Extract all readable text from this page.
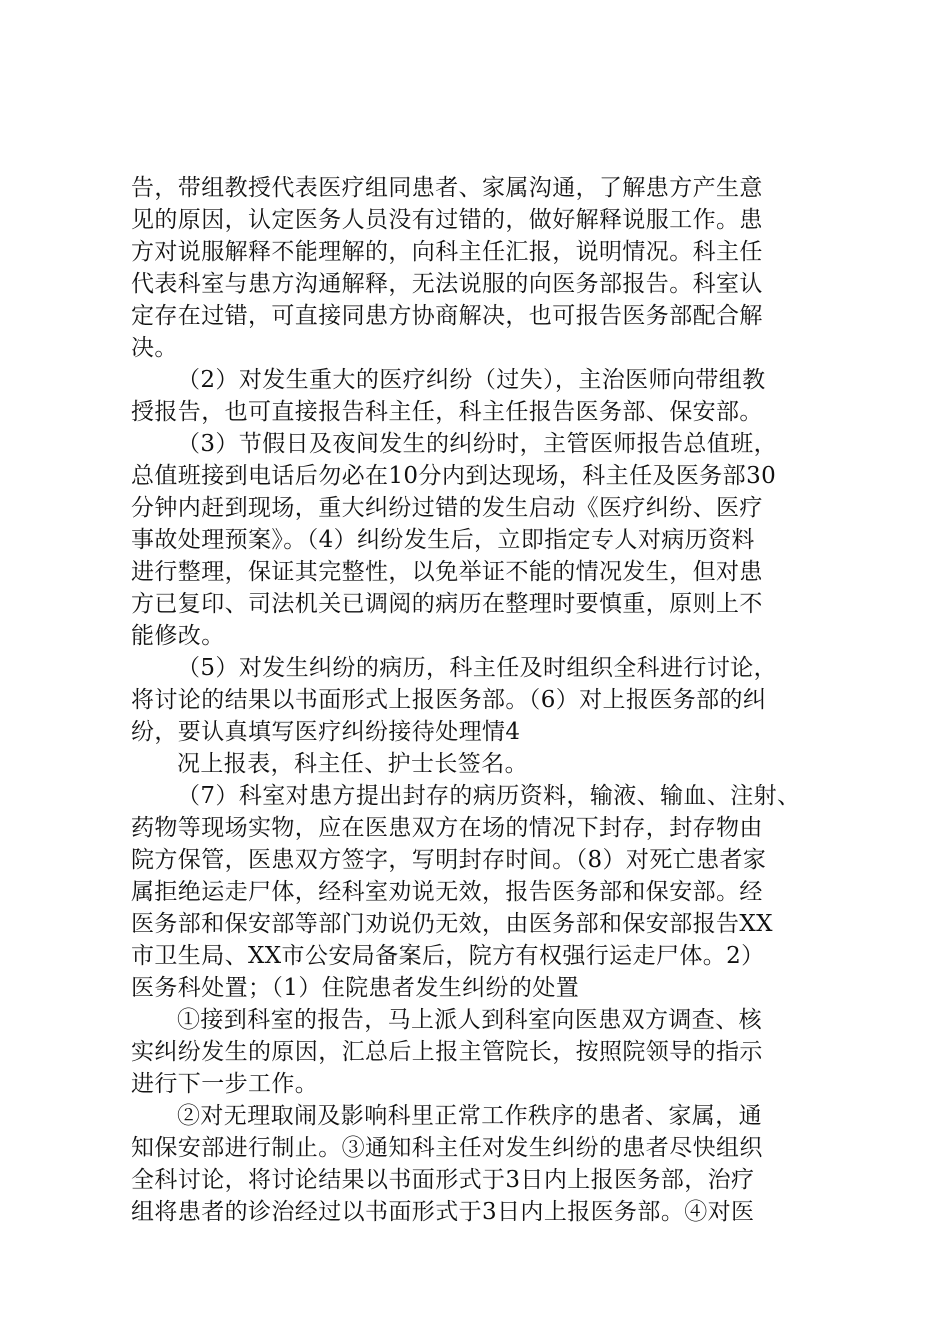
告，带组教授代表医疗组同患者、家属沟通，了解患方产生意
见的原因，认定医务人员没有过错的，做好解释说服工作。患
方对说服解释不能理解的，向科主任汇报，说明情况。科主任
代表科室与患方沟通解释，无法说服的向医务部报告。科室认
定存在过错，可直接同患方协商解决，也可报告医务部配合解
决。
（2）对发生重大的医疗纠纷（过失），主治医师向带组教
授报告，也可直接报告科主任，科主任报告医务部、保安部。
（3）节假日及夜间发生的纠纷时，主管医师报告总值班，
总值班接到电话后勿必在10分内到达现场，科主任及医务部30
分钟内赶到现场，重大纠纷过错的发生启动《医疗纠纷、医疗
事故处理预案》。（4）纠纷发生后，立即指定专人对病历资料
进行整理，保证其完整性，以免举证不能的情况发生，但对患
方已复印、司法机关已调阅的病历在整理时要慎重，原则上不
能修改。
（5）对发生纠纷的病历，科主任及时组织全科进行讨论，
将讨论的结果以书面形式上报医务部。（6）对上报医务部的纠
纷，要认真填写医疗纠纷接待处理情4
况上报表，科主任、护士长签名。
（7）科室对患方提出封存的病历资料，输液、输血、注射、
药物等现场实物，应在医患双方在场的情况下封存，封存物由
院方保管，医患双方签字，写明封存时间。（8）对死亡患者家
属拒绝运走尸体，经科室劝说无效，报告医务部和保安部。经
医务部和保安部等部门劝说仍无效，由医务部和保安部报告XX
市卫生局、XX市公安局备案后，院方有权强行运走尸体。2）
医务科处置；（1）住院患者发生纠纷的处置
①接到科室的报告，马上派人到科室向医患双方调查、核
实纠纷发生的原因，汇总后上报主管院长，按照院领导的指示
进行下一步工作。
②对无理取闹及影响科里正常工作秩序的患者、家属，通
知保安部进行制止。③通知科主任对发生纠纷的患者尽快组织
全科讨论，将讨论结果以书面形式于3日内上报医务部，治疗
组将患者的诊治经过以书面形式于3日内上报医务部。④对医
